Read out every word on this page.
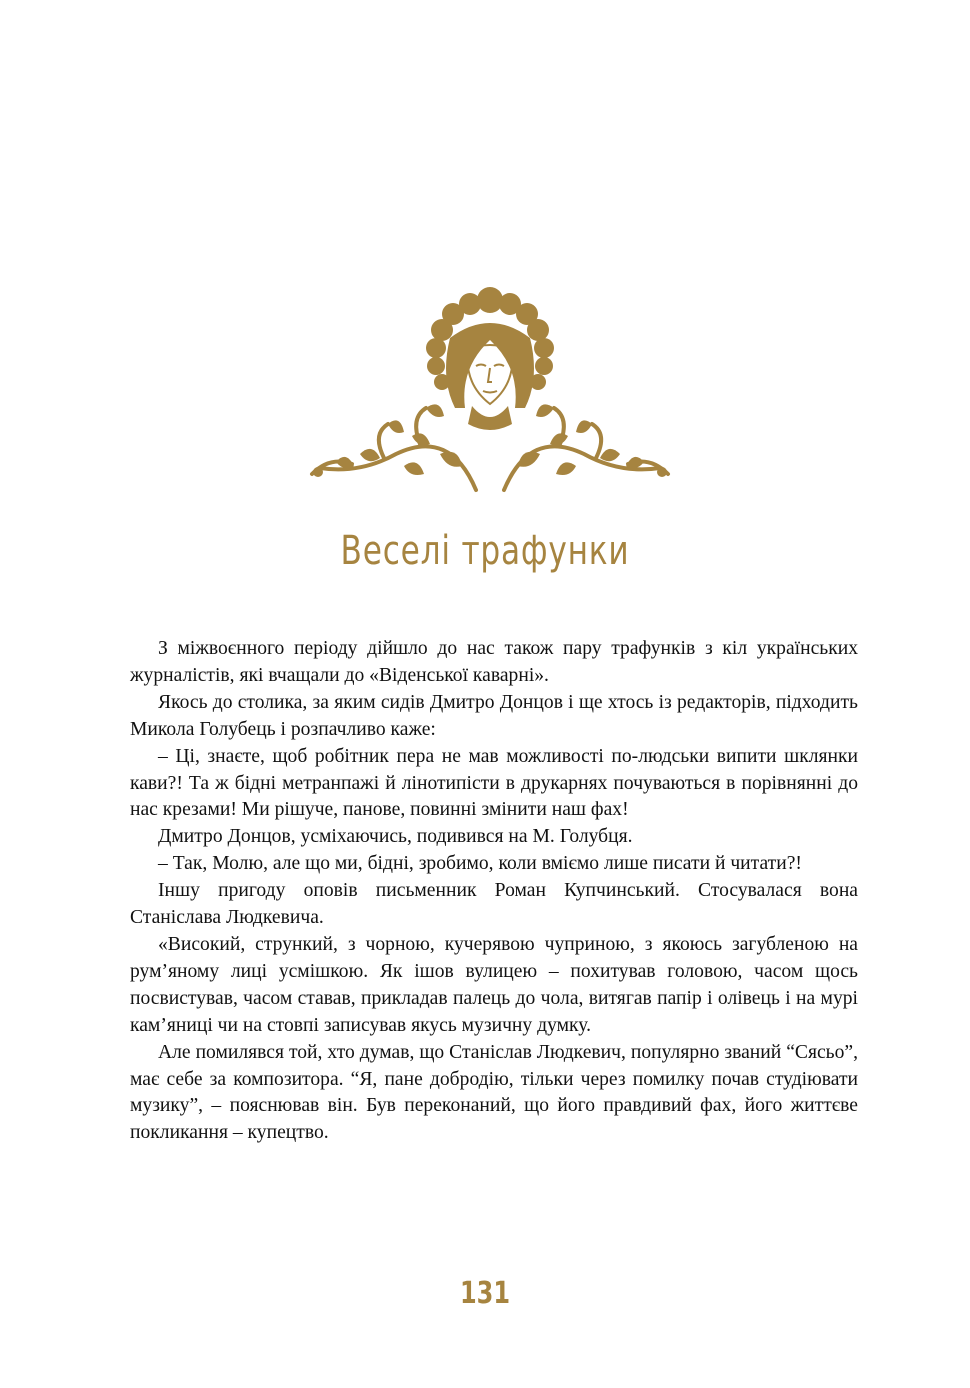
Веселі трафунки

З міжвоєнного періоду дійшло до нас також пару трафунків з кіл українських журналістів, які вчащали до «Віденської каварні».

Якось до столика, за яким сидів Дмитро Донцов і ще хтось із редакторів, підходить Микола Голубець і розпачливо каже:

– Ці, знаєте, щоб робітник пера не мав можливості по-людськи випити шклянки кави?! Та ж бідні метранпажі й лінотипісти в друкарнях почуваються в порівнянні до нас крезами! Ми рішуче, панове, повинні змінити наш фах!

Дмитро Донцов, усміхаючись, подивився на М. Голубця.

– Так, Молю, але що ми, бідні, зробимо, коли вміємо лише писати й читати?!

Іншу пригоду оповів письменник Роман Купчинський. Стосувалася вона Станіслава Людкевича.

«Високий, стрункий, з чорною, кучерявою чуприною, з якоюсь загубленою на рум’яному лиці усмішкою. Як ішов вулицею – похитував головою, часом щось посвистував, часом ставав, прикладав палець до чола, витягав папір і олівець і на мурі кам’яниці чи на стовпі записував якусь музичну думку.

Але помилявся той, хто думав, що Станіслав Людкевич, популярно званий “Сясьо”, має себе за композитора. “Я, пане добродію, тільки через помилку почав студіювати музику”, – пояснював він. Був переконаний, що його правдивий фах, його життєве покликання – купецтво.

131
